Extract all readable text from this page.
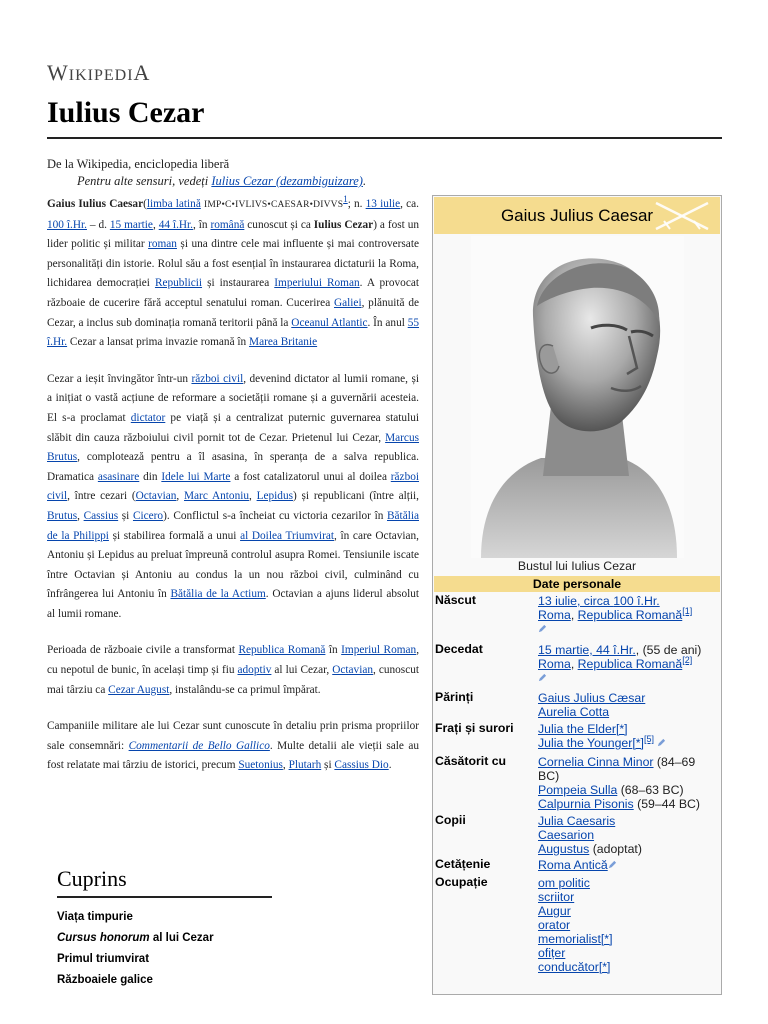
WIKIPEDIA
Iulius Cezar
De la Wikipedia, enciclopedia liberă
Pentru alte sensuri, vedeți Iulius Cezar (dezambiguizare).

Gaius Iulius Caesar(limba latină IMP•C•IVLIVS•CAESAR•DIVVS$^1$; n. 13 iulie, ca. 100 î.Hr. – d. 15 martie, 44 î.Hr., în română cunoscut și ca Iulius Cezar) a fost un lider politic și militar roman și una dintre cele mai influente și mai controversate personalități din istorie. Rolul său a fost esențial în instaurarea dictaturii la Roma, lichidarea democrației Republicii și instaurarea Imperiului Roman. A provocat războaie de cucerire fără acceptul senatului roman. Cucerirea Galiei, plănuită de Cezar, a inclus sub dominația romană teritorii până la Oceanul Atlantic. În anul 55 î.Hr. Cezar a lansat prima invazie romană în Marea Britanie

Cezar a ieșit învingător într-un război civil, devenind dictator al lumii romane, și a inițiat o vastă acțiune de reformare a societății romane și a guvernării acesteia. El s-a proclamat dictator pe viață și a centralizat puternic guvernarea statului slăbit din cauza războiului civil pornit tot de Cezar. Prietenul lui Cezar, Marcus Brutus, complotează pentru a îl asasina, în speranța de a salva republica. Dramatica asasinare din Idele lui Marte a fost catalizatorul unui al doilea război civil, între cezari (Octavian, Marc Antoniu, Lepidus) și republicani (între alții, Brutus, Cassius și Cicero). Conflictul s-a încheiat cu victoria cezarilor în Bătălia de la Philippi și stabilirea formală a unui al Doilea Triumvirat, în care Octavian, Antoniu și Lepidus au preluat împreună controlul asupra Romei. Tensiunile iscate între Octavian și Antoniu au condus la un nou război civil, culminând cu înfrângerea lui Antoniu în Bătălia de la Actium. Octavian a ajuns liderul absolut al lumii romane.

Perioada de războaie civile a transformat Republica Romană în Imperiul Roman, cu nepotul de bunic, în același timp și fiu adoptiv al lui Cezar, Octavian, cunoscut mai târziu ca Cezar August, instalându-se ca primul împărat.

Campaniile militare ale lui Cezar sunt cunoscute în detaliu prin prisma propriilor sale consemnări: Commentarii de Bello Gallico. Multe detalii ale vieții sale au fost relatate mai târziu de istorici, precum Suetonius, Plutarh și Cassius Dio.

Cuprins
Viața timpurie
Cursus honorum al lui Cezar
Primul triumvirat
Războaiele galice
Gaius Julius Caesar
Bustul lui Iulius Cezar
Date personale
Născut	13 iulie, circa 100 î.Hr.
Roma, Republica Romană[1]
Decedat	15 martie, 44 î.Hr., (55 de ani)
Roma, Republica Romană[2]
Părinți	Gaius Julius Cæsar
Aurelia Cotta
Frați și surori Julia the Elder[*]
Julia the Younger[*][5]
Căsătorit cu	Cornelia Cinna Minor (84–69
BC)
Pompeia Sulla (68–63 BC)
Calpurnia Pisonis (59–44 BC)
Copii	Julia Caesaris
Caesarion
Augustus (adoptat)
Cetățenie	Roma Antică
Ocupație	om politic
scriitor
Augur
orator
memorialist[*]
ofițer
conducător[*]
